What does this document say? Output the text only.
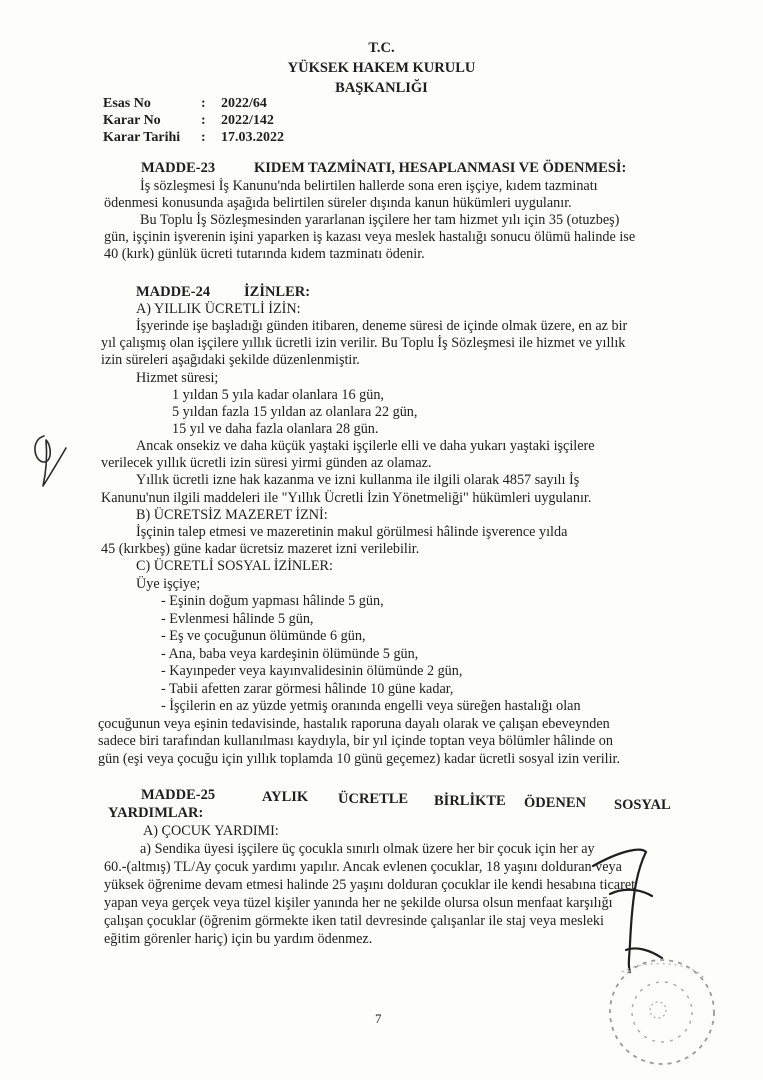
T.C.
YÜKSEK HAKEM KURULU
BAŞKANLIĞI
Esas No	: 2022/64
Karar No	: 2022/142
Karar Tarihi : 17.03.2022
MADDE-23	KIDEM TAZMİNATI, HESAPLANMASI VE ÖDENMESİ:
İş sözleşmesi İş Kanunu'nda belirtilen hallerde sona eren işçiye, kıdem tazminatı
ödenmesi konusunda aşağıda belirtilen süreler dışında kanun hükümleri uygulanır.
Bu Toplu İş Sözleşmesinden yararlanan işçilere her tam hizmet yılı için 35 (otuzbeş)
gün, işçinin işverenin işini yaparken iş kazası veya meslek hastalığı sonucu ölümü halinde ise
40 (kırk) günlük ücreti tutarında kıdem tazminatı ödenir.
MADDE-24 İZİNLER:
A) YILLIK ÜCRETLİ İZİN:
İşyerinde işe başladığı günden itibaren, deneme süresi de içinde olmak üzere, en az bir
yıl çalışmış olan işçilere yıllık ücretli izin verilir. Bu Toplu İş Sözleşmesi ile hizmet ve yıllık
izin süreleri aşağıdaki şekilde düzenlenmiştir.
Hizmet süresi;
1 yıldan 5 yıla kadar olanlara 16 gün,
5 yıldan fazla 15 yıldan az olanlara 22 gün,
15 yıl ve daha fazla olanlara 28 gün.
Ancak onsekiz ve daha küçük yaştaki işçilerle elli ve daha yukarı yaştaki işçilere
verilecek yıllık ücretli izin süresi yirmi günden az olamaz.
Yıllık ücretli izne hak kazanma ve izni kullanma ile ilgili olarak 4857 sayılı İş
Kanunu'nun ilgili maddeleri ile "Yıllık Ücretli İzin Yönetmeliği" hükümleri uygulanır.
B) ÜCRETSİZ MAZERET İZNİ:
İşçinin talep etmesi ve mazeretinin makul görülmesi hâlinde işverence yılda
45 (kırkbeş) güne kadar ücretsiz mazeret izni verilebilir.
C) ÜCRETLİ SOSYAL İZİNLER:
Üye işçiye;
- Eşinin doğum yapması hâlinde 5 gün,
- Evlenmesi hâlinde 5 gün,
- Eş ve çocuğunun ölümünde 6 gün,
- Ana, baba veya kardeşinin ölümünde 5 gün,
- Kayınpeder veya kayınvalidesinin ölümünde 2 gün,
- Tabii afetten zarar görmesi hâlinde 10 güne kadar,
- İşçilerin en az yüzde yetmiş oranında engelli veya süreğen hastalığı olan
çocuğunun veya eşinin tedavisinde, hastalık raporuna dayalı olarak ve çalışan ebeveynden
sadece biri tarafından kullanılması kaydıyla, bir yıl içinde toptan veya bölümler hâlinde on
gün (eşi veya çocuğu için yıllık toplamda 10 günü geçemez) kadar ücretli sosyal izin verilir.
MADDE-25	AYLIK ÜCRETLE BİRLİKTE ÖDENEN SOSYAL
YARDIMLAR:
A) ÇOCUK YARDIMI:
a) Sendika üyesi işçilere üç çocukla sınırlı olmak üzere her bir çocuk için her ay
60.-(altmış) TL/Ay çocuk yardımı yapılır. Ancak evlenen çocuklar, 18 yaşını dolduran veya
yüksek öğrenime devam etmesi halinde 25 yaşını dolduran çocuklar ile kendi hesabına ticaret
yapan veya gerçek veya tüzel kişiler yanında her ne şekilde olursa olsun menfaat karşılığı
çalışan çocuklar (öğrenim görmekte iken tatil devresinde çalışanlar ile staj veya mesleki
eğitim görenler hariç) için bu yardım ödenmez.
7
